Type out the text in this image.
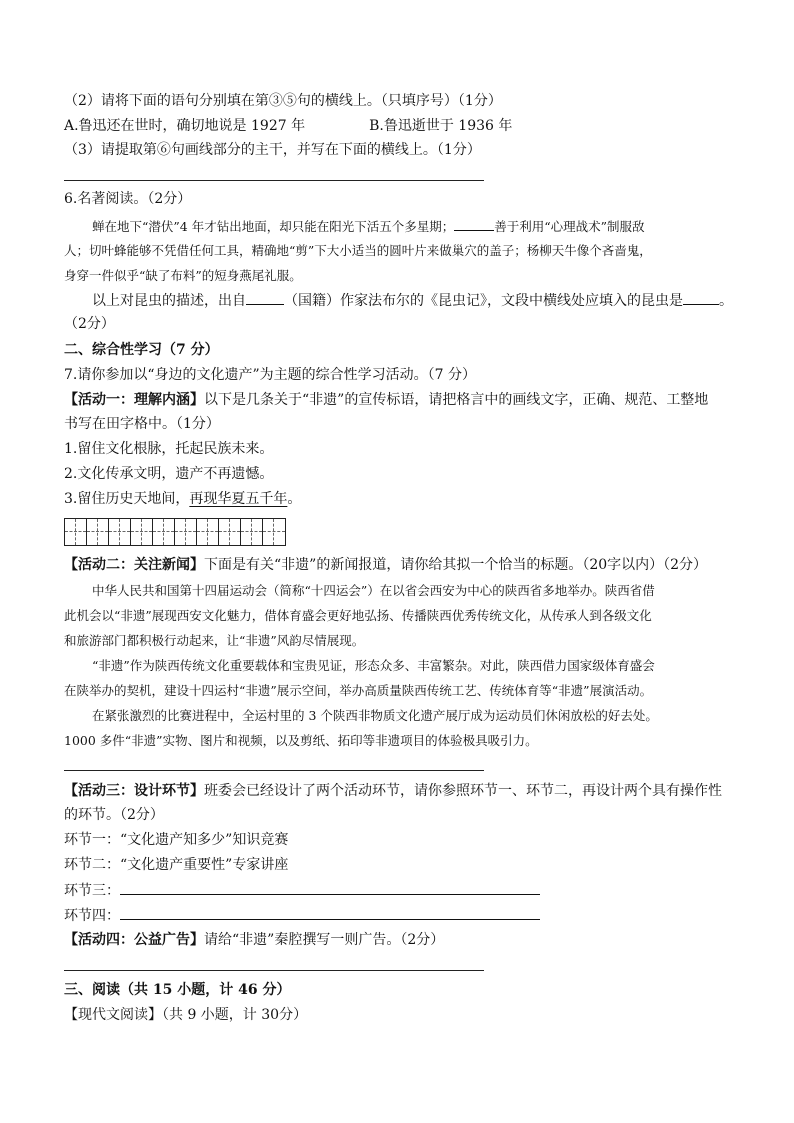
（2）请将下面的语句分别填在第③⑤句的横线上。（只填序号）（1分）
A.鲁迅还在世时，确切地说是 1927 年	B.鲁迅逝世于 1936 年
（3）请提取第⑥句画线部分的主干，并写在下面的横线上。（1分）
6.名著阅读。（2分）
蝉在地下“潜伏”4 年才钻出地面，却只能在阳光下活五个多星期；	善于利用“心理战术”制服敌
人；切叶蜂能够不凭借任何工具，精确地“剪”下大小适当的圆叶片来做巢穴的盖子；杨柳天牛像个吝啬鬼，
身穿一件似乎“缺了布料”的短身燕尾礼服。
以上对昆虫的描述，出自	（国籍）作家法布尔的《昆虫记》，文段中横线处应填入的昆虫是	。
（2分）
二、综合性学习（7 分）
7.请你参加以“身边的文化遗产”为主题的综合性学习活动。（7 分）
【活动一：理解内涵】以下是几条关于“非遗”的宣传标语，请把格言中的画线文字，正确、规范、工整地
书写在田字格中。（1分）
1.留住文化根脉，托起民族未来。
2.文化传承文明，遗产不再遗憾。
3.留住历史天地间，再现华夏五千年。
【活动二：关注新闻】下面是有关“非遗”的新闻报道，请你给其拟一个恰当的标题。（20字以内）（2分）
中华人民共和国第十四届运动会（简称“十四运会”）在以省会西安为中心的陕西省多地举办。陕西省借
此机会以“非遗”展现西安文化魅力，借体育盛会更好地弘扬、传播陕西优秀传统文化，从传承人到各级文化
和旅游部门都积极行动起来，让“非遗”风韵尽情展现。
“非遗”作为陕西传统文化重要载体和宝贵见证，形态众多、丰富繁杂。对此，陕西借力国家级体育盛会
在陕举办的契机，建设十四运村“非遗”展示空间，举办高质量陕西传统工艺、传统体育等“非遗”展演活动。
在紧张激烈的比赛进程中，全运村里的 3 个陕西非物质文化遗产展厅成为运动员们休闲放松的好去处。
1000 多件“非遗”实物、图片和视频，以及剪纸、拓印等非遗项目的体验极具吸引力。
【活动三：设计环节】班委会已经设计了两个活动环节，请你参照环节一、环节二，再设计两个具有操作性
的环节。（2分）
环节一：“文化遗产知多少”知识竞赛
环节二：“文化遗产重要性”专家讲座
环节三：
环节四：
【活动四：公益广告】请给“非遗”秦腔撰写一则广告。（2分）
三、阅读（共 15 小题，计 46 分）
【现代文阅读】（共 9 小题，计 30分）
